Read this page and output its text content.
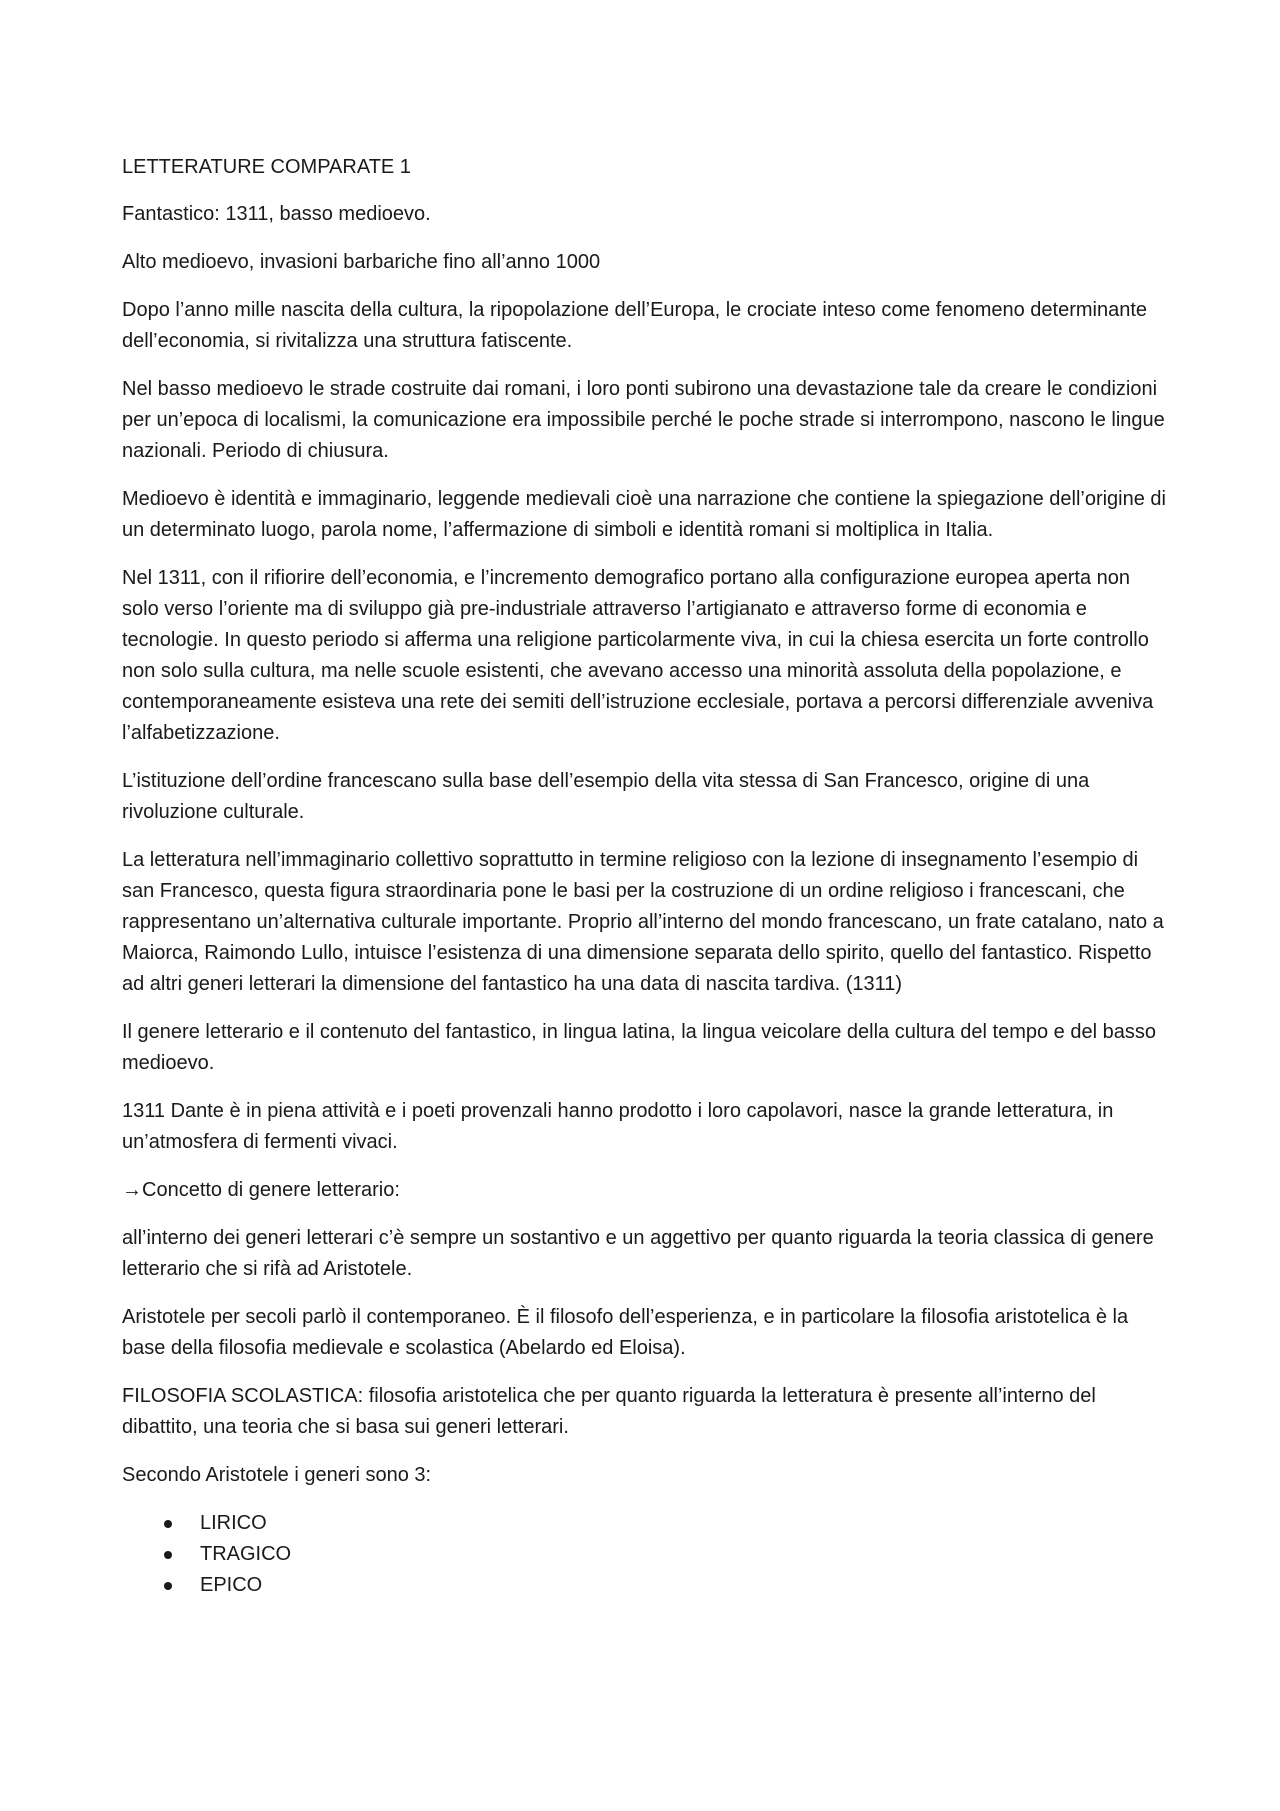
LETTERATURE COMPARATE 1

Fantastico: 1311, basso medioevo.

Alto medioevo, invasioni barbariche fino all’anno 1000

Dopo l’anno mille nascita della cultura, la ripopolazione dell’Europa, le crociate inteso come fenomeno determinante dell’economia, si rivitalizza una struttura fatiscente.

Nel basso medioevo le strade costruite dai romani, i loro ponti subirono una devastazione tale da creare le condizioni per un’epoca di localismi, la comunicazione era impossibile perché le poche strade si interrompono, nascono le lingue nazionali. Periodo di chiusura.

Medioevo è identità e immaginario, leggende medievali cioè una narrazione che contiene la spiegazione dell’origine di un determinato luogo, parola nome, l’affermazione di simboli e identità romani si moltiplica in Italia.

Nel 1311, con il rifiorire dell’economia, e l’incremento demografico portano alla configurazione europea aperta non solo verso l’oriente ma di sviluppo già pre-industriale attraverso l’artigianato e attraverso forme di economia e tecnologie. In questo periodo si afferma una religione particolarmente viva, in cui la chiesa esercita un forte controllo non solo sulla cultura, ma nelle scuole esistenti, che avevano accesso una minorità assoluta della popolazione, e contemporaneamente esisteva una rete dei semiti dell’istruzione ecclesiale, portava a percorsi differenziale avveniva l’alfabetizzazione.

L’istituzione dell’ordine francescano sulla base dell’esempio della vita stessa di San Francesco, origine di una rivoluzione culturale.

La letteratura nell’immaginario collettivo soprattutto in termine religioso con la lezione di insegnamento l’esempio di san Francesco, questa figura straordinaria pone le basi per la costruzione di un ordine religioso i francescani, che rappresentano un’alternativa culturale importante. Proprio all’interno del mondo francescano, un frate catalano, nato a Maiorca, Raimondo Lullo, intuisce l’esistenza di una dimensione separata dello spirito, quello del fantastico. Rispetto ad altri generi letterari la dimensione del fantastico ha una data di nascita tardiva. (1311)

Il genere letterario e il contenuto del fantastico, in lingua latina, la lingua veicolare della cultura del tempo e del basso medioevo.

1311 Dante è in piena attività e i poeti provenzali hanno prodotto i loro capolavori, nasce la grande letteratura, in un’atmosfera di fermenti vivaci.

→Concetto di genere letterario:

all’interno dei generi letterari c’è sempre un sostantivo e un aggettivo per quanto riguarda la teoria classica di genere letterario che si rifà ad Aristotele.

Aristotele per secoli parlò il contemporaneo. È il filosofo dell’esperienza, e in particolare la filosofia aristotelica è la base della filosofia medievale e scolastica (Abelardo ed Eloisa).

FILOSOFIA SCOLASTICA: filosofia aristotelica che per quanto riguarda la letteratura è presente all’interno del dibattito, una teoria che si basa sui generi letterari.

Secondo Aristotele i generi sono 3:

LIRICO
TRAGICO
EPICO
